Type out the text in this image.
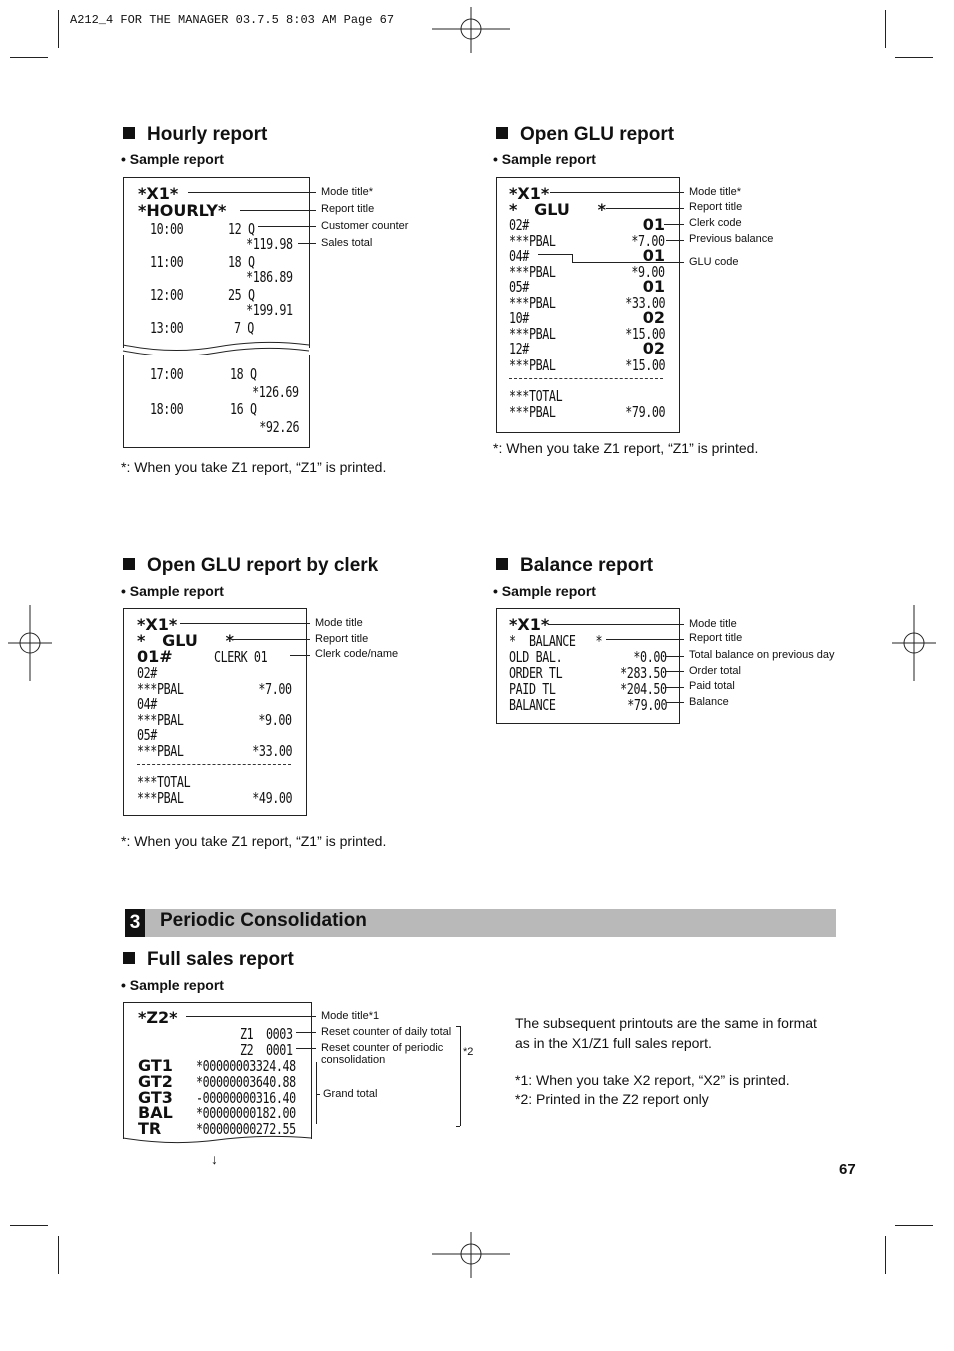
A212_4 FOR THE MANAGER 03.7.5 8:03 AM Page 67
Hourly report
• Sample report
*X1*
*HOURLY*
10:00	12 Q
*119.98
11:00	18 Q
*186.89
12:00	25 Q
*199.91
13:00	7 Q
17:00	18 Q
*126.69
18:00	16 Q
*92.26
Mode title*
Report title
Customer counter
Sales total
*: When you take Z1 report, “Z1” is printed.
Open GLU report
• Sample report
*X1*
*   GLU     *
02#	01
***PBAL	*7.00
04#	01
***PBAL	*9.00
05#	01
***PBAL	*33.00
10#	02
***PBAL	*15.00
12#	02
***PBAL	*15.00
***TOTAL
***PBAL	*79.00
Mode title*
Report title
Clerk code
Previous balance
GLU code
*: When you take Z1 report, “Z1” is printed.
Open GLU report by clerk
• Sample report
*X1*
*   GLU     *
01#	CLERK 01
02#
***PBAL	*7.00
04#
***PBAL	*9.00
05#
***PBAL	*33.00
***TOTAL
***PBAL	*49.00
Mode title
Report title
Clerk code/name
*: When you take Z1 report, “Z1” is printed.
Balance report
• Sample report
*X1*
*  BALANCE   *
OLD BAL.	*0.00
ORDER TL	*283.50
PAID TL	*204.50
BALANCE	*79.00
Mode title
Report title
Total balance on previous day
Order total
Paid total
Balance
3 Periodic Consolidation
Full sales report
• Sample report
*Z2*
Z1 0003
Z2 0001
GT1 *00000003324.48
GT2 *00000003640.88
GT3 -00000000316.40
BAL *00000000182.00
TR *00000000272.55
↓
Mode title*1
Reset counter of daily total
Reset counter of periodic consolidation
Grand total
*2
The subsequent printouts are the same in format as in the X1/Z1 full sales report.
*1: When you take X2 report, “X2” is printed.
*2: Printed in the Z2 report only
67
